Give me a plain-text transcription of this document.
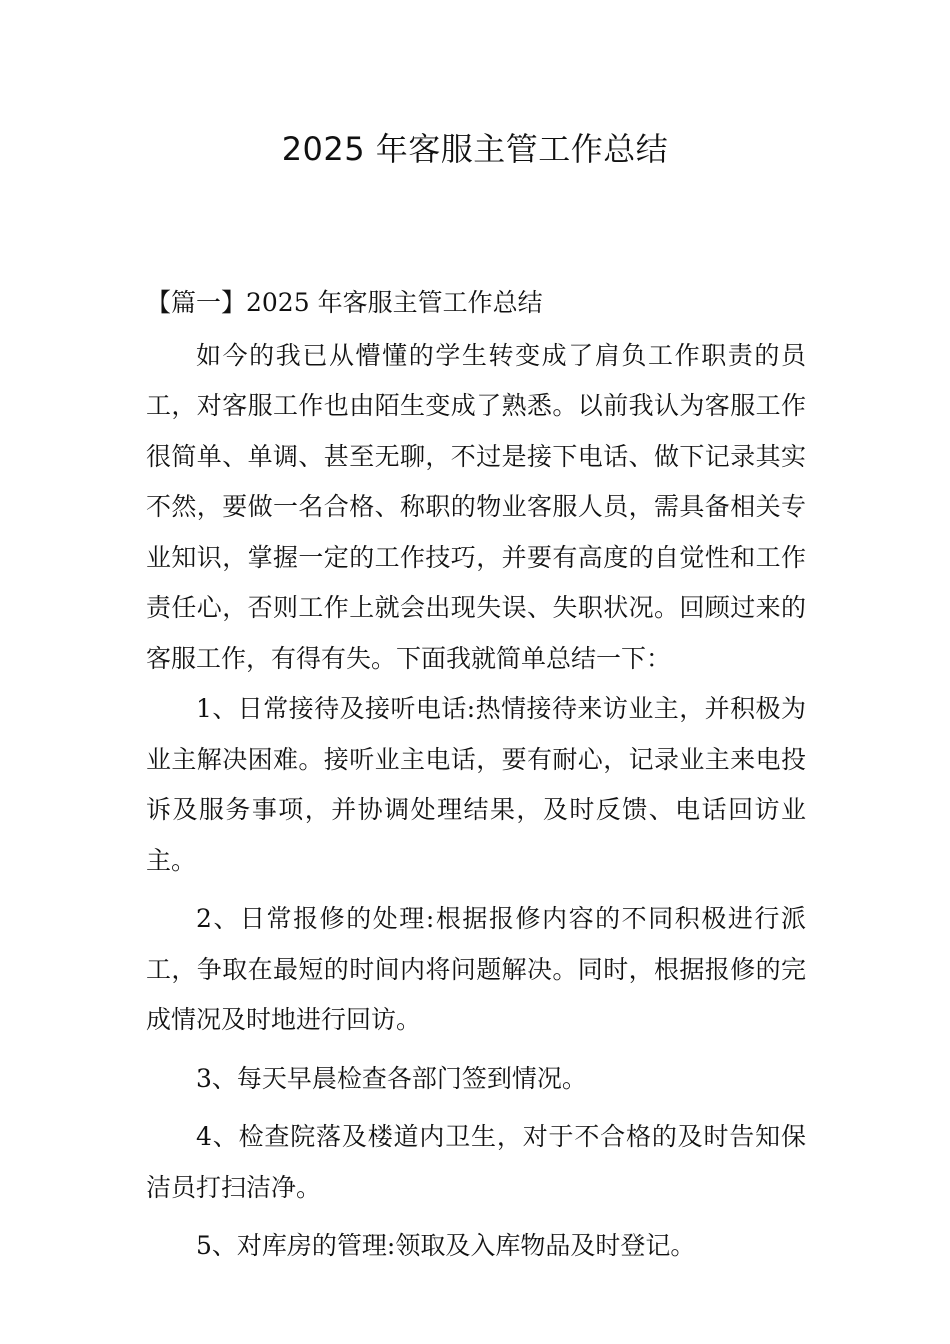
2025 年客服主管工作总结
【篇一】2025 年客服主管工作总结

如今的我已从懵懂的学生转变成了肩负工作职责的员工，对客服工作也由陌生变成了熟悉。以前我认为客服工作很简单、单调、甚至无聊，不过是接下电话、做下记录其实不然，要做一名合格、称职的物业客服人员，需具备相关专业知识，掌握一定的工作技巧，并要有高度的自觉性和工作责任心，否则工作上就会出现失误、失职状况。回顾过来的客服工作，有得有失。下面我就简单总结一下：

1、日常接待及接听电话:热情接待来访业主，并积极为业主解决困难。接听业主电话，要有耐心，记录业主来电投诉及服务事项，并协调处理结果，及时反馈、电话回访业主。

2、日常报修的处理:根据报修内容的不同积极进行派工，争取在最短的时间内将问题解决。同时，根据报修的完成情况及时地进行回访。

3、每天早晨检查各部门签到情况。

4、检查院落及楼道内卫生，对于不合格的及时告知保洁员打扫洁净。

5、对库房的管理:领取及入库物品及时登记。
